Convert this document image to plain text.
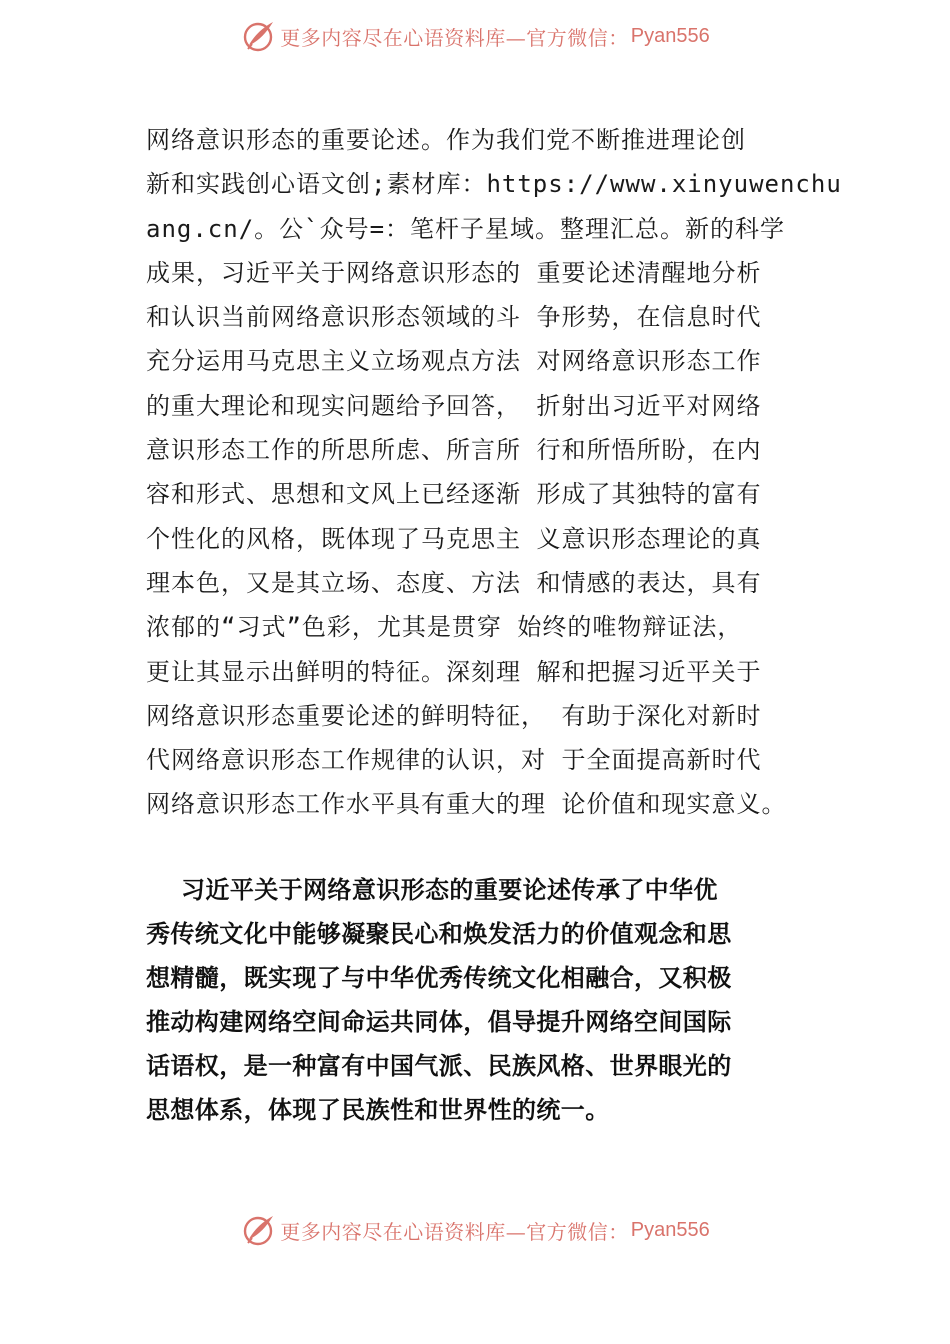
更多内容尽在心语资料库—官方微信： Pyan556
网络意识形态的重要论述。作为我们党不断推进理论创
新和实践创心语文创;素材库：https://www.xinyuwenchu
ang.cn/。公`众号=：笔杆子星域。整理汇总。新的科学
成果，习近平关于网络意识形态的 重要论述清醒地分析
和认识当前网络意识形态领域的斗 争形势，在信息时代
充分运用马克思主义立场观点方法 对网络意识形态工作
的重大理论和现实问题给予回答， 折射出习近平对网络
意识形态工作的所思所虑、所言所 行和所悟所盼，在内
容和形式、思想和文风上已经逐渐 形成了其独特的富有
个性化的风格，既体现了马克思主 义意识形态理论的真
理本色，又是其立场、态度、方法 和情感的表达，具有
浓郁的“习式”色彩，尤其是贯穿 始终的唯物辩证法，
更让其显示出鲜明的特征。深刻理 解和把握习近平关于
网络意识形态重要论述的鲜明特征， 有助于深化对新时
代网络意识形态工作规律的认识，对 于全面提高新时代
网络意识形态工作水平具有重大的理 论价值和现实意义。
习近平关于网络意识形态的重要论述传承了中华优
秀传统文化中能够凝聚民心和焕发活力的价值观念和思
想精髓，既实现了与中华优秀传统文化相融合，又积极
推动构建网络空间命运共同体，倡导提升网络空间国际
话语权，是一种富有中国气派、民族风格、世界眼光的
思想体系，体现了民族性和世界性的统一。
更多内容尽在心语资料库—官方微信： Pyan556
